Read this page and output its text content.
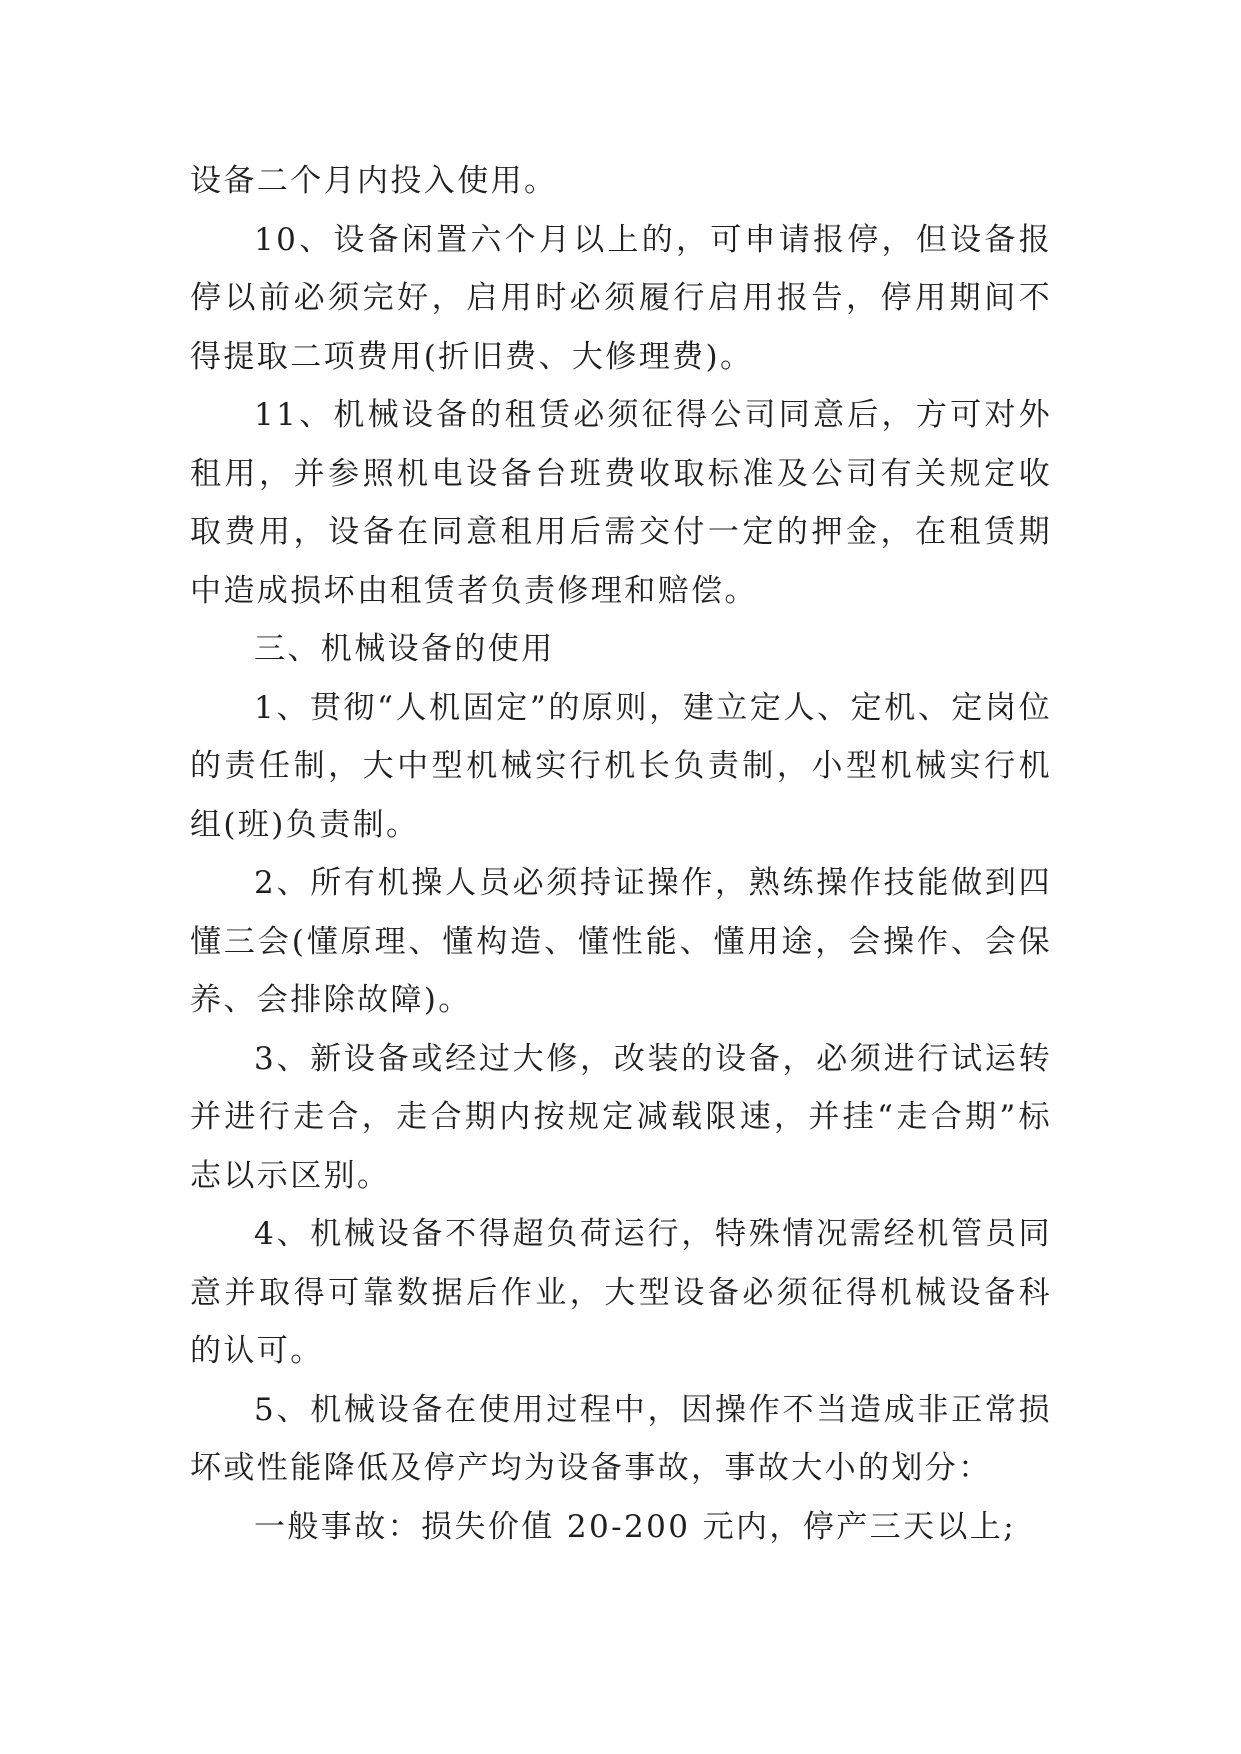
设备二个月内投入使用。

10、设备闲置六个月以上的，可申请报停，但设备报停以前必须完好，启用时必须履行启用报告，停用期间不得提取二项费用(折旧费、大修理费)。

11、机械设备的租赁必须征得公司同意后，方可对外租用，并参照机电设备台班费收取标准及公司有关规定收取费用，设备在同意租用后需交付一定的押金，在租赁期中造成损坏由租赁者负责修理和赔偿。

三、机械设备的使用

1、贯彻“人机固定”的原则，建立定人、定机、定岗位的责任制，大中型机械实行机长负责制，小型机械实行机组(班)负责制。

2、所有机操人员必须持证操作，熟练操作技能做到四懂三会(懂原理、懂构造、懂性能、懂用途，会操作、会保养、会排除故障)。

3、新设备或经过大修，改装的设备，必须进行试运转并进行走合，走合期内按规定减载限速，并挂“走合期”标志以示区别。

4、机械设备不得超负荷运行，特殊情况需经机管员同意并取得可靠数据后作业，大型设备必须征得机械设备科的认可。

5、机械设备在使用过程中，因操作不当造成非正常损坏或性能降低及停产均为设备事故，事故大小的划分：

一般事故：损失价值 20-200 元内，停产三天以上;
